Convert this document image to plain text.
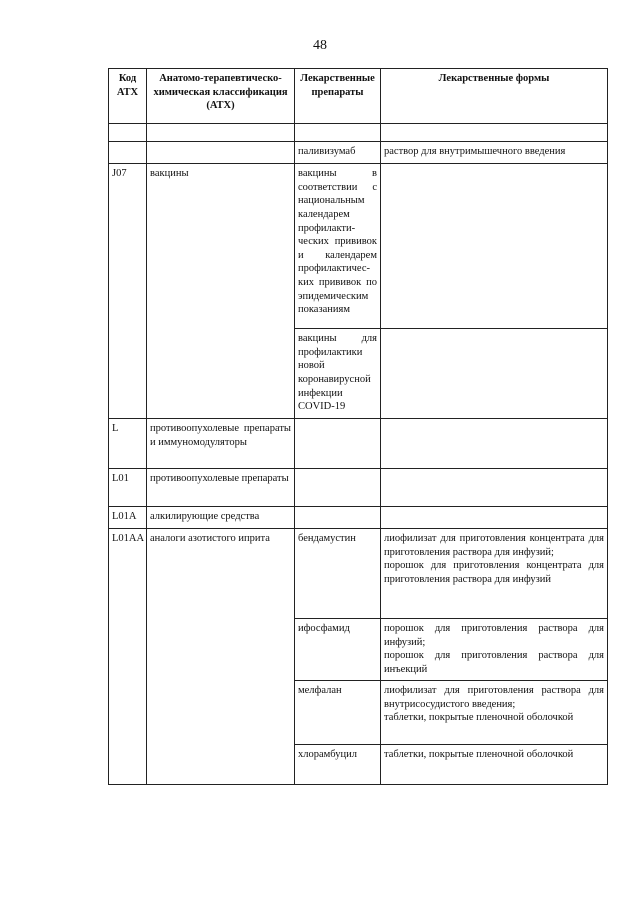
48
Код АТХ	Анатомо-терапевтическо-химическая классификация (АТХ)	Лекарственные препараты	Лекарственные формы

		паливизумаб	раствор для внутримышечного введения
J07	вакцины	вакцины в соответствии с национальным календарем профилакти-ческих прививок и календарем профилактичес-ких прививок по эпидемическим показаниям	
		вакцины для профилактики новой коронавирусной инфекции COVID-19	
L	противоопухолевые препараты и иммуномодуляторы		
L01	противоопухолевые препараты		
L01A	алкилирующие средства		
L01AA	аналоги азотистого иприта	бендамустин	лиофилизат для приготовления концентрата для приготовления раствора для инфузий;
порошок для приготовления концентрата для приготовления раствора для инфузий

		ифосфамид	порошок для приготовления раствора для инфузий;
порошок для приготовления раствора для инъекций

		мелфалан	лиофилизат для приготовления раствора для внутрисосудистого введения;
таблетки, покрытые пленочной оболочкой

		хлорамбуцил	таблетки, покрытые пленочной оболочкой
